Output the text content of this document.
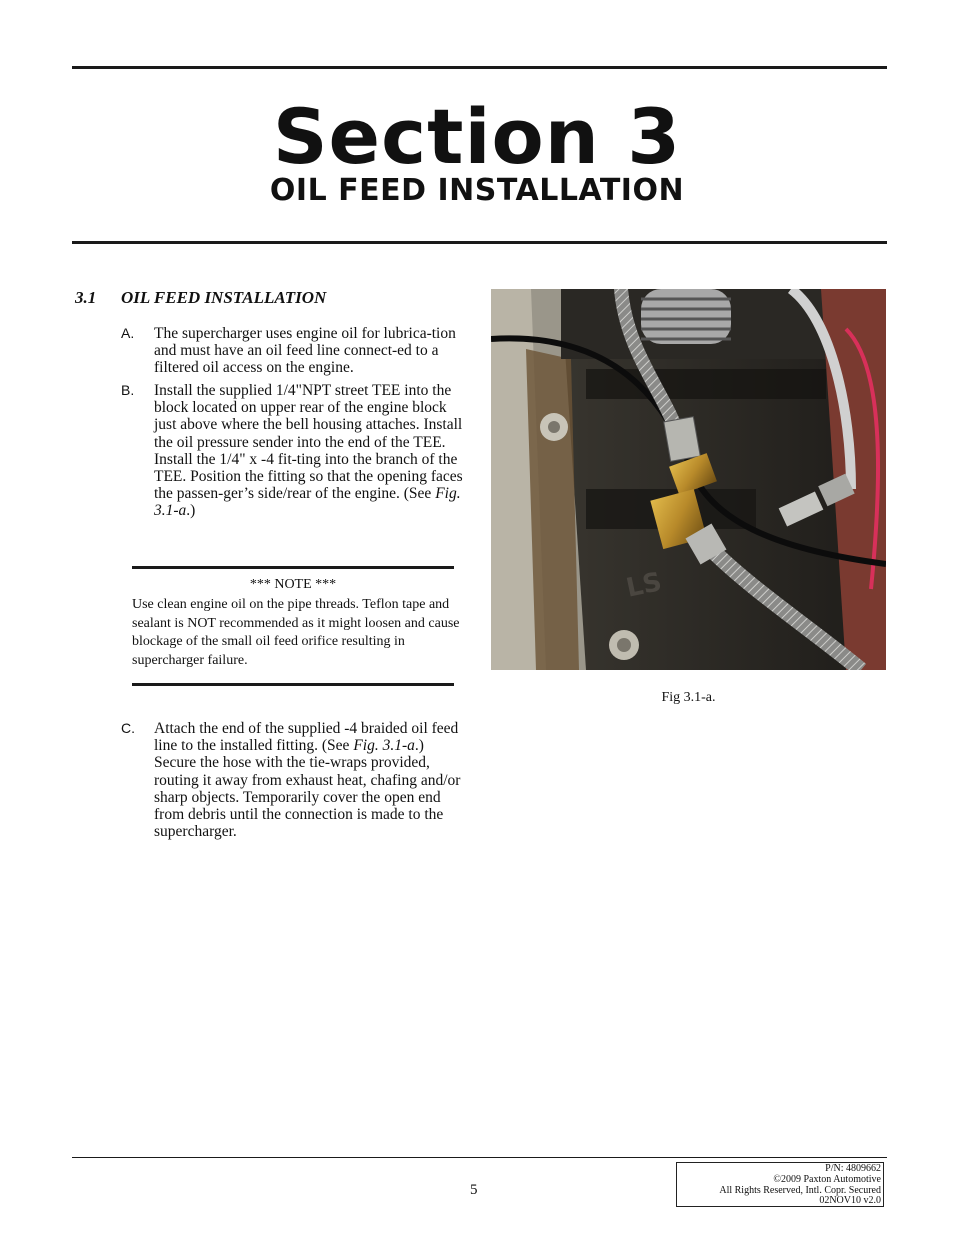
Section 3
OIL FEED INSTALLATION
3.1 OIL FEED INSTALLATION
A. The supercharger uses engine oil for lubrica-tion and must have an oil feed line connect-ed to a filtered oil access on the engine.
B. Install the supplied 1/4"NPT street TEE into the block located on upper rear of the engine block just above where the bell housing attaches. Install the oil pressure sender into the end of the TEE. Install the 1/4" x -4 fit-ting into the branch of the TEE. Position the fitting so that the opening faces the passen-ger’s side/rear of the engine. (See Fig. 3.1-a.)
*** NOTE ***
Use clean engine oil on the pipe threads. Teflon tape and sealant is NOT recommended as it might loosen and cause blockage of the small oil feed orifice resulting in supercharger failure.
C. Attach the end of the supplied -4 braided oil feed line to the installed fitting. (See Fig. 3.1-a.) Secure the hose with the tie-wraps provided, routing it away from exhaust heat, chafing and/or sharp objects. Temporarily cover the open end from debris until the connection is made to the supercharger.
LS
Fig 3.1-a.
5
P/N: 4809662
©2009 Paxton Automotive
All Rights Reserved, Intl. Copr. Secured
02NOV10 v2.0
